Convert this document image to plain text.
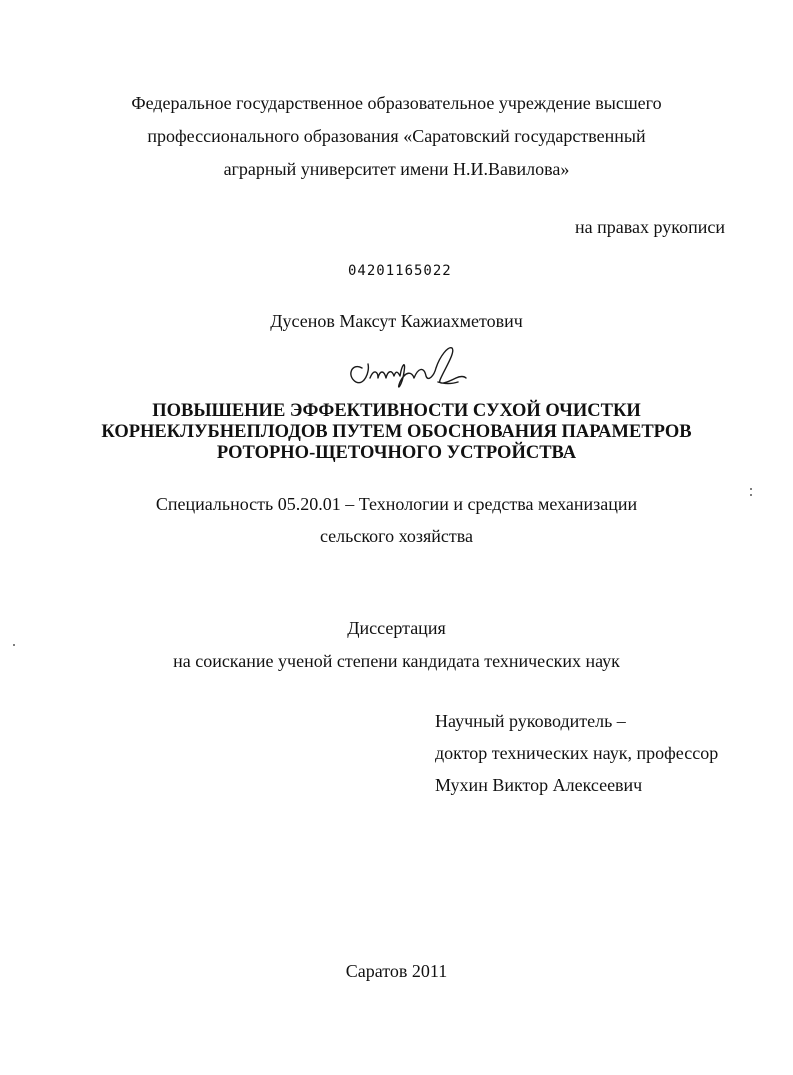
Федеральное государственное образовательное учреждение высшего
профессионального образования «Саратовский государственный
аграрный университет имени Н.И.Вавилова»
на правах рукописи
04201165022
Дусенов Максут Кажиахметович
ПОВЫШЕНИЕ ЭФФЕКТИВНОСТИ СУХОЙ ОЧИСТКИ
КОРНЕКЛУБНЕПЛОДОВ ПУТЕМ ОБОСНОВАНИЯ ПАРАМЕТРОВ
РОТОРНО-ЩЕТОЧНОГО УСТРОЙСТВА
Специальность 05.20.01 – Технологии и средства механизации
сельского хозяйства
Диссертация
на соискание ученой степени кандидата технических наук
Научный руководитель –
доктор технических наук, профессор
Мухин Виктор Алексеевич
Саратов 2011
